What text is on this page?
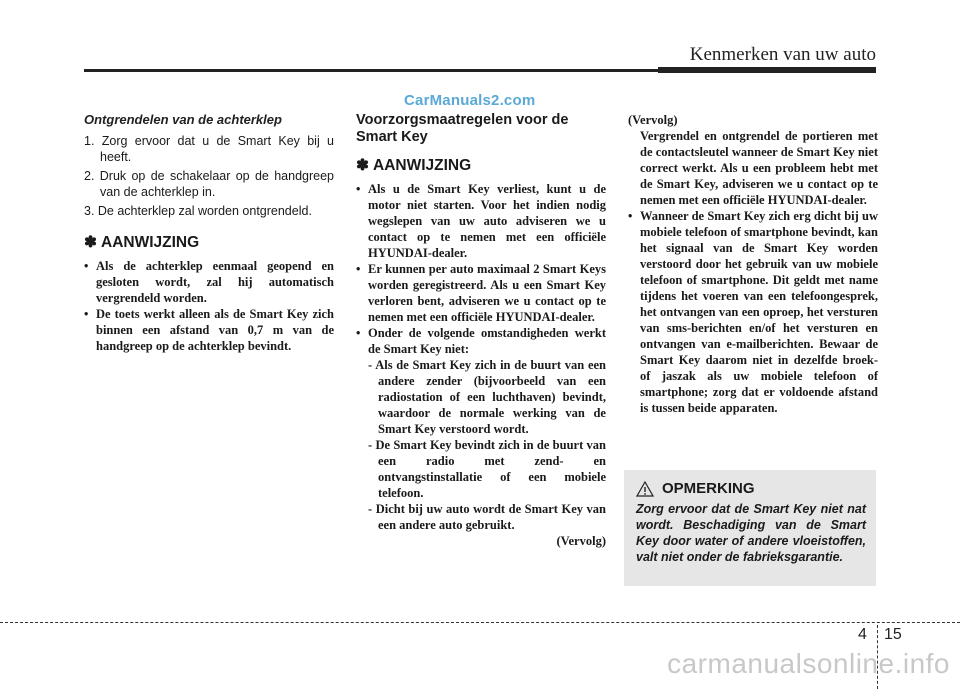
Kenmerken van uw auto
CarManuals2.com
Ontgrendelen van de achterklep
1. Zorg ervoor dat u de Smart Key bij u heeft.
2. Druk op de schakelaar op de handgreep van de achterklep in.
3. De achterklep zal worden ontgrendeld.
✽ AANWIJZING
• Als de achterklep eenmaal geopend en gesloten wordt, zal hij automatisch vergrendeld worden.
• De toets werkt alleen als de Smart Key zich binnen een afstand van 0,7 m van de handgreep op de achterklep bevindt.
Voorzorgsmaatregelen voor de Smart Key
✽ AANWIJZING
• Als u de Smart Key verliest, kunt u de motor niet starten. Voor het indien nodig wegslepen van uw auto adviseren we u contact op te nemen met een officiële HYUNDAI-dealer.
• Er kunnen per auto maximaal 2 Smart Keys worden geregistreerd. Als u een Smart Key verloren bent, adviseren we u contact op te nemen met een officiële HYUNDAI-dealer.
• Onder de volgende omstandigheden werkt de Smart Key niet:
- Als de Smart Key zich in de buurt van een andere zender (bijvoorbeeld van een radiostation of een luchthaven) bevindt, waardoor de normale werking van de Smart Key verstoord wordt.
- De Smart Key bevindt zich in de buurt van een radio met zend- en ontvangstinstallatie of een mobiele telefoon.
- Dicht bij uw auto wordt de Smart Key van een andere auto gebruikt.
(Vervolg)
(Vervolg)
Vergrendel en ontgrendel de portieren met de contactsleutel wanneer de Smart Key niet correct werkt. Als u een probleem hebt met de Smart Key, adviseren we u contact op te nemen met een officiële HYUNDAI-dealer.
• Wanneer de Smart Key zich erg dicht bij uw mobiele telefoon of smartphone bevindt, kan het signaal van de Smart Key worden verstoord door het gebruik van uw mobiele telefoon of smartphone. Dit geldt met name tijdens het voeren van een telefoongesprek, het ontvangen van een oproep, het versturen van sms-berichten en/of het versturen en ontvangen van e-mailberichten. Bewaar de Smart Key daarom niet in dezelfde broek- of jaszak als uw mobiele telefoon of smartphone; zorg dat er voldoende afstand is tussen beide apparaten.
OPMERKING
Zorg ervoor dat de Smart Key niet nat wordt. Beschadiging van de Smart Key door water of andere vloeistoffen, valt niet onder de fabrieksgarantie.
4 15
carmanualsonline.info
